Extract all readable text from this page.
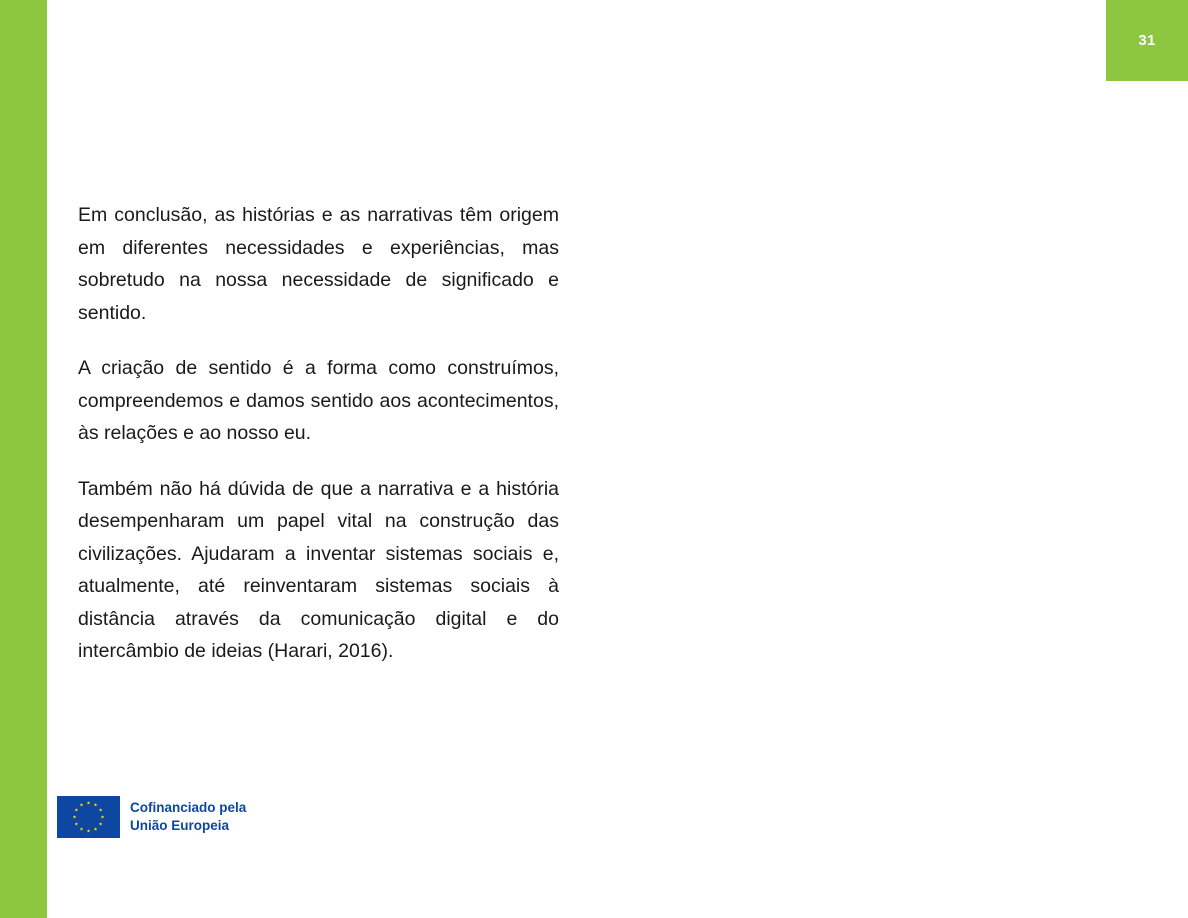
31

Em conclusão, as histórias e as narrativas têm origem em diferentes necessidades e experiências, mas sobretudo na nossa necessidade de significado e sentido.

A criação de sentido é a forma como construímos, compreendemos e damos sentido aos acontecimentos, às relações e ao nosso eu.

Também não há dúvida de que a narrativa e a história desempenharam um papel vital na construção das civilizações. Ajudaram a inventar sistemas sociais e, atualmente, até reinventaram sistemas sociais à distância através da comunicação digital e do intercâmbio de ideias (Harari, 2016).

Cofinanciado pela
União Europeia
